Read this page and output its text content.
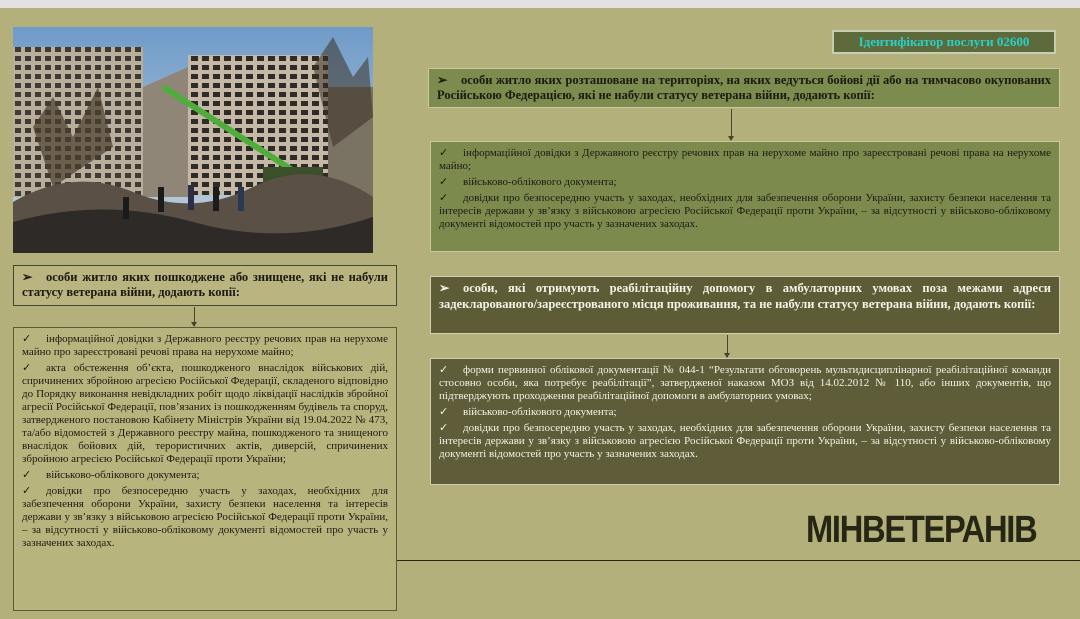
➢ особи житло яких пошкоджене або знищене, які не набули статусу ветерана війни, додають копії:

✓ інформаційної довідки з Державного реєстру речових прав на нерухоме майно про зареєстровані речові права на нерухоме майно;

✓ акта обстеження об’єкта, пошкодженого внаслідок військових дій, спричинених збройною агресією Російської Федерації, складеного відповідно до Порядку виконання невідкладних робіт щодо ліквідації наслідків збройної агресії Російської Федерації, пов’язаних із пошкодженням будівель та споруд, затвердженого постановою Кабінету Міністрів України від 19.04.2022 № 473, та/або відомостей з Державного реєстру майна, пошкодженого та знищеного внаслідок бойових дій, терористичних актів, диверсій, спричинених збройною агресією Російської Федерації проти України;

✓ військово-облікового документа;

✓ довідки про безпосередню участь у заходах, необхідних для забезпечення оборони України, захисту безпеки населення та інтересів держави у зв’язку з військовою агресією Російської Федерації проти України, – за відсутності у військово-обліковому документі відомостей про участь у зазначених заходах.

Ідентифікатор послуги 02600

➢ особи житло яких розташоване на територіях, на яких ведуться бойові дії або на тимчасово окупованих Російською Федерацією, які не набули статусу ветерана війни, додають копії:

✓ інформаційної довідки з Державного реєстру речових прав на нерухоме майно про зареєстровані речові права на нерухоме майно;

✓ військово-облікового документа;

✓ довідки про безпосередню участь у заходах, необхідних для забезпечення оборони України, захисту безпеки населення та інтересів держави у зв’язку з військовою агресією Російської Федерації проти України, – за відсутності у військово-обліковому документі відомостей про участь у зазначених заходах.

➢ особи, які отримують реабілітаційну допомогу в амбулаторних умовах поза межами адреси задекларованого/зареєстрованого місця проживання, та не набули статусу ветерана війни, додають копії:

✓ форми первинної облікової документації № 044-1 “Результати обговорень мультидисциплінарної реабілітаційної команди стосовно особи, яка потребує реабілітації”, затвердженої наказом МОЗ від 14.02.2012 № 110, або інших документів, що підтверджують проходження реабілітаційної допомоги в амбулаторних умовах;

✓ військово-облікового документа;

✓ довідки про безпосередню участь у заходах, необхідних для забезпечення оборони України, захисту безпеки населення та інтересів держави у зв’язку з військовою агресією Російської Федерації проти України, – за відсутності у військово-обліковому документі відомостей про участь у зазначених заходах.

МІНВЕТЕРАНІВ
